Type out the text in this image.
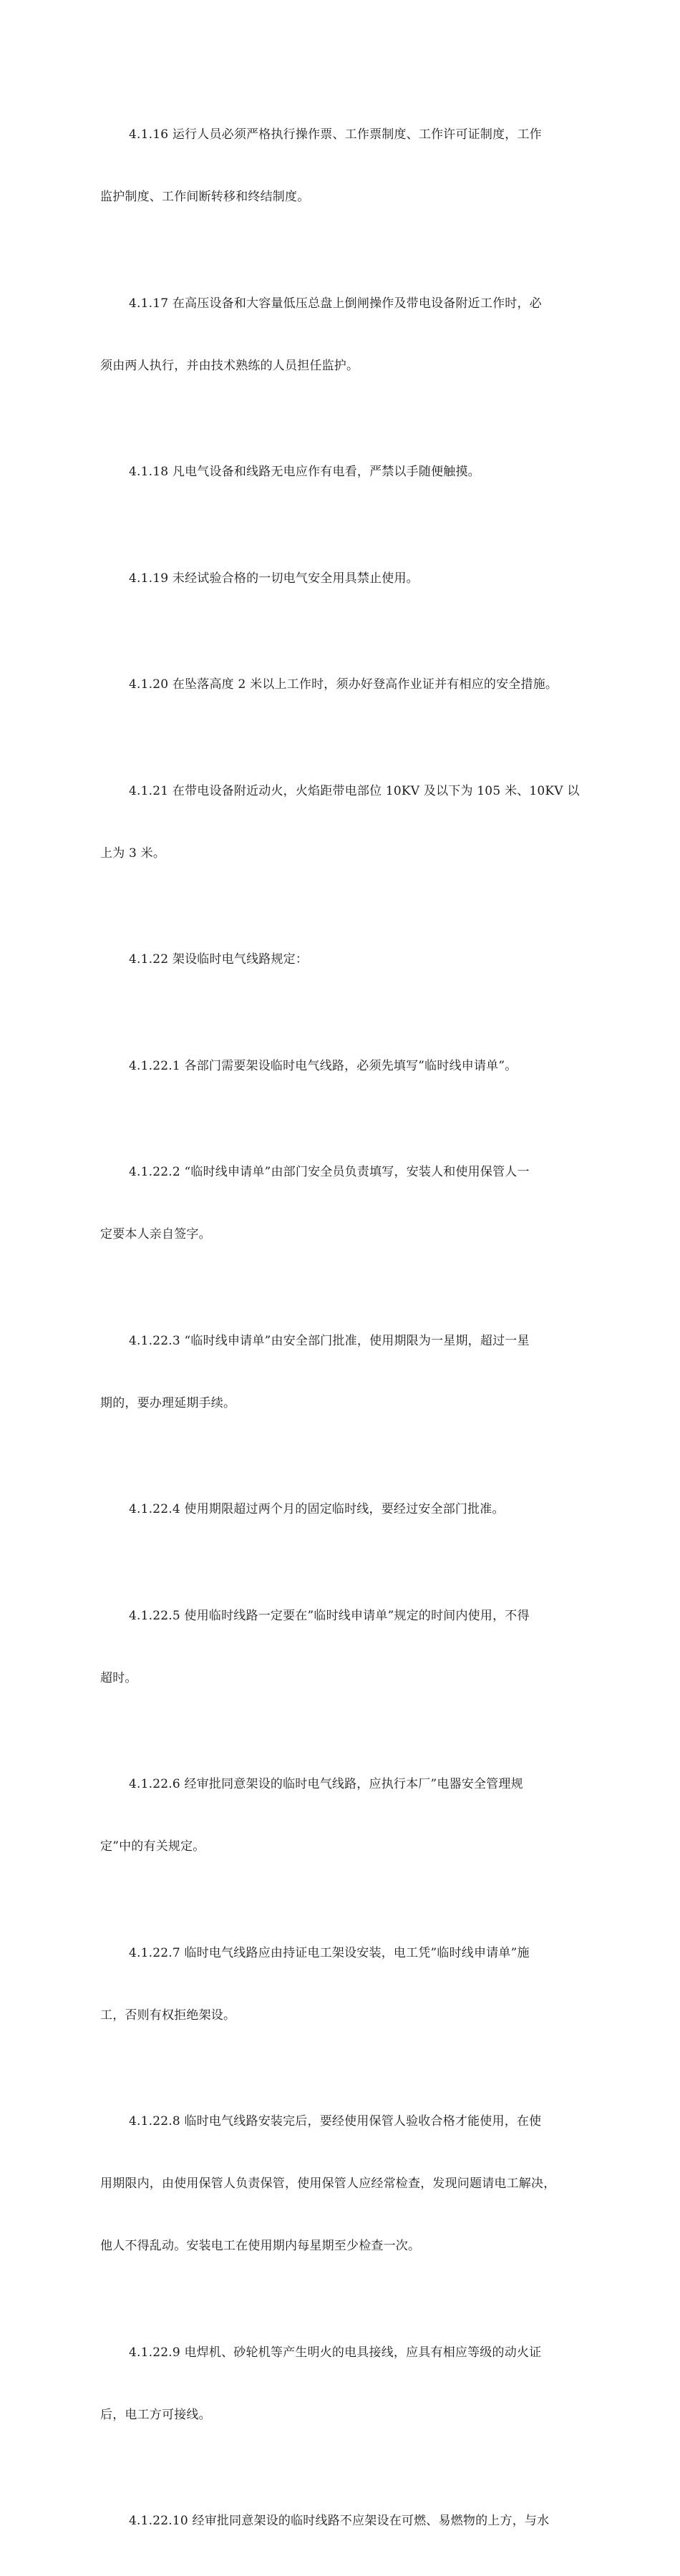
4.1.16 运行人员必须严格执行操作票、工作票制度、工作许可证制度，工作

监护制度、工作间断转移和终结制度。

4.1.17 在高压设备和大容量低压总盘上倒闸操作及带电设备附近工作时，必

须由两人执行，并由技术熟练的人员担任监护。

4.1.18 凡电气设备和线路无电应作有电看，严禁以手随便触摸。

4.1.19 未经试验合格的一切电气安全用具禁止使用。

4.1.20 在坠落高度 2 米以上工作时，须办好登高作业证并有相应的安全措施。

4.1.21 在带电设备附近动火，火焰距带电部位 10KV 及以下为 105 米、10KV 以

上为 3 米。

4.1.22 架设临时电气线路规定：

4.1.22.1 各部门需要架设临时电气线路，必须先填写”临时线申请单”。

4.1.22.2 “临时线申请单”由部门安全员负责填写，安装人和使用保管人一

定要本人亲自签字。

4.1.22.3 “临时线申请单”由安全部门批准，使用期限为一星期，超过一星

期的，要办理延期手续。

4.1.22.4 使用期限超过两个月的固定临时线，要经过安全部门批准。

4.1.22.5 使用临时线路一定要在”临时线申请单”规定的时间内使用，不得

超时。

4.1.22.6 经审批同意架设的临时电气线路，应执行本厂”电器安全管理规

定”中的有关规定。

4.1.22.7 临时电气线路应由持证电工架设安装，电工凭”临时线申请单”施

工，否则有权拒绝架设。

4.1.22.8 临时电气线路安装完后，要经使用保管人验收合格才能使用，在使

用期限内，由使用保管人负责保管，使用保管人应经常检查，发现问题请电工解决，

他人不得乱动。安装电工在使用期内每星期至少检查一次。

4.1.22.9 电焊机、砂轮机等产生明火的电具接线，应具有相应等级的动火证

后，电工方可接线。

4.1.22.10 经审批同意架设的临时线路不应架设在可燃、易燃物的上方，与水
